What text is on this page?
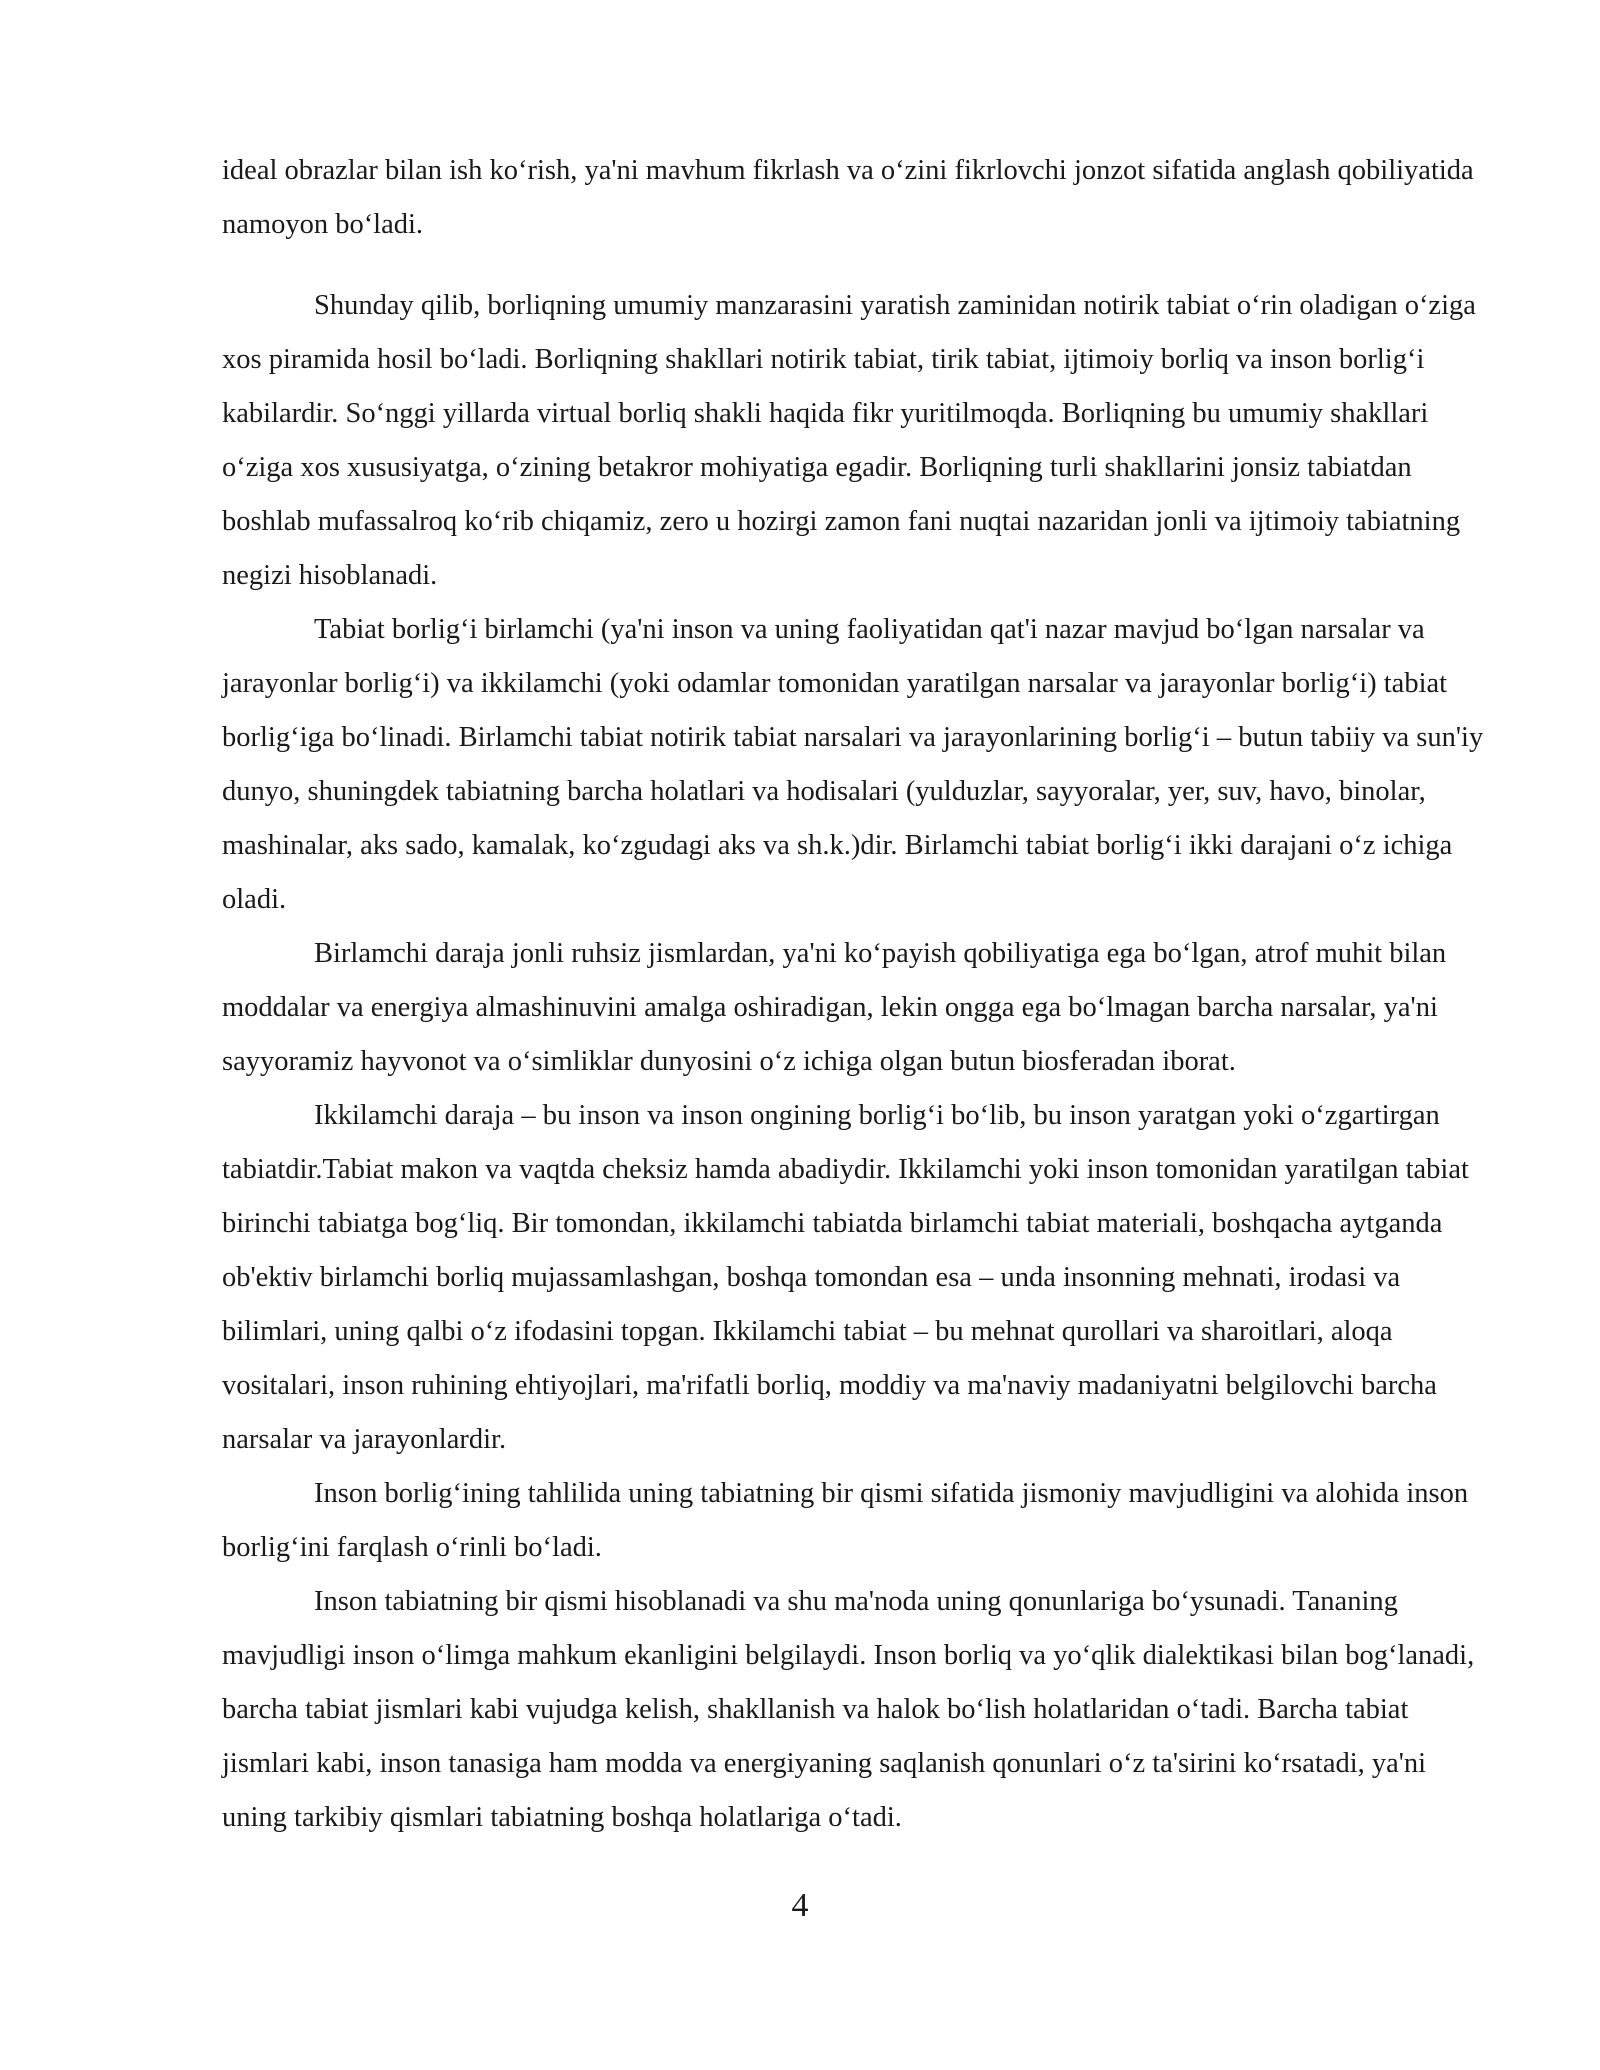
ideal obrazlar bilan ish koʻrish, ya'ni mavhum fikrlash va oʻzini fikrlovchi jonzot sifatida anglash qobiliyatida namoyon boʻladi.

Shunday qilib, borliqning umumiy manzarasini yaratish zaminidan notirik tabiat oʻrin oladigan oʻziga xos piramida hosil boʻladi. Borliqning shakllari notirik tabiat, tirik tabiat, ijtimoiy borliq va inson borligʻi kabilardir. Soʻnggi yillarda virtual borliq shakli haqida fikr yuritilmoqda. Borliqning bu umumiy shakllari oʻziga xos xususiyatga, oʻzining betakror mohiyatiga egadir. Borliqning turli shakllarini jonsiz tabiatdan boshlab mufassalroq koʻrib chiqamiz, zero u hozirgi zamon fani nuqtai nazaridan jonli va ijtimoiy tabiatning negizi hisoblanadi.

Tabiat borligʻi birlamchi (ya'ni inson va uning faoliyatidan qat'i nazar mavjud boʻlgan narsalar va jarayonlar borligʻi) va ikkilamchi (yoki odamlar tomonidan yaratilgan narsalar va jarayonlar borligʻi) tabiat borligʻiga boʻlinadi. Birlamchi tabiat notirik tabiat narsalari va jarayonlarining borligʻi – butun tabiiy va sun'iy dunyo, shuningdek tabiatning barcha holatlari va hodisalari (yulduzlar, sayyoralar, yer, suv, havo, binolar, mashinalar, aks sado, kamalak, koʻzgudagi aks va sh.k.)dir. Birlamchi tabiat borligʻi ikki darajani oʻz ichiga oladi.

Birlamchi daraja jonli ruhsiz jismlardan, ya'ni koʻpayish qobiliyatiga ega boʻlgan, atrof muhit bilan moddalar va energiya almashinuvini amalga oshiradigan, lekin ongga ega boʻlmagan barcha narsalar, ya'ni sayyoramiz hayvonot va oʻsimliklar dunyosini oʻz ichiga olgan butun biosferadan iborat.

Ikkilamchi daraja – bu inson va inson ongining borligʻi boʻlib, bu inson yaratgan yoki oʻzgartirgan tabiatdir.Tabiat makon va vaqtda cheksiz hamda abadiydir. Ikkilamchi yoki inson tomonidan yaratilgan tabiat birinchi tabiatga bogʻliq. Bir tomondan, ikkilamchi tabiatda birlamchi tabiat materiali, boshqacha aytganda ob'ektiv birlamchi borliq mujassamlashgan, boshqa tomondan esa – unda insonning mehnati, irodasi va bilimlari, uning qalbi oʻz ifodasini topgan. Ikkilamchi tabiat – bu mehnat qurollari va sharoitlari, aloqa vositalari, inson ruhining ehtiyojlari, ma'rifatli borliq, moddiy va ma'naviy madaniyatni belgilovchi barcha narsalar va jarayonlardir.

Inson borligʻining tahlilida uning tabiatning bir qismi sifatida jismoniy mavjudligini va alohida inson borligʻini farqlash oʻrinli boʻladi.

Inson tabiatning bir qismi hisoblanadi va shu ma'noda uning qonunlariga boʻysunadi. Tananing mavjudligi inson oʻlimga mahkum ekanligini belgilaydi. Inson borliq va yoʻqlik dialektikasi bilan bogʻlanadi, barcha tabiat jismlari kabi vujudga kelish, shakllanish va halok boʻlish holatlaridan oʻtadi. Barcha tabiat jismlari kabi, inson tanasiga ham modda va energiyaning saqlanish qonunlari oʻz ta'sirini koʻrsatadi, ya'ni uning tarkibiy qismlari tabiatning boshqa holatlariga oʻtadi.

4
